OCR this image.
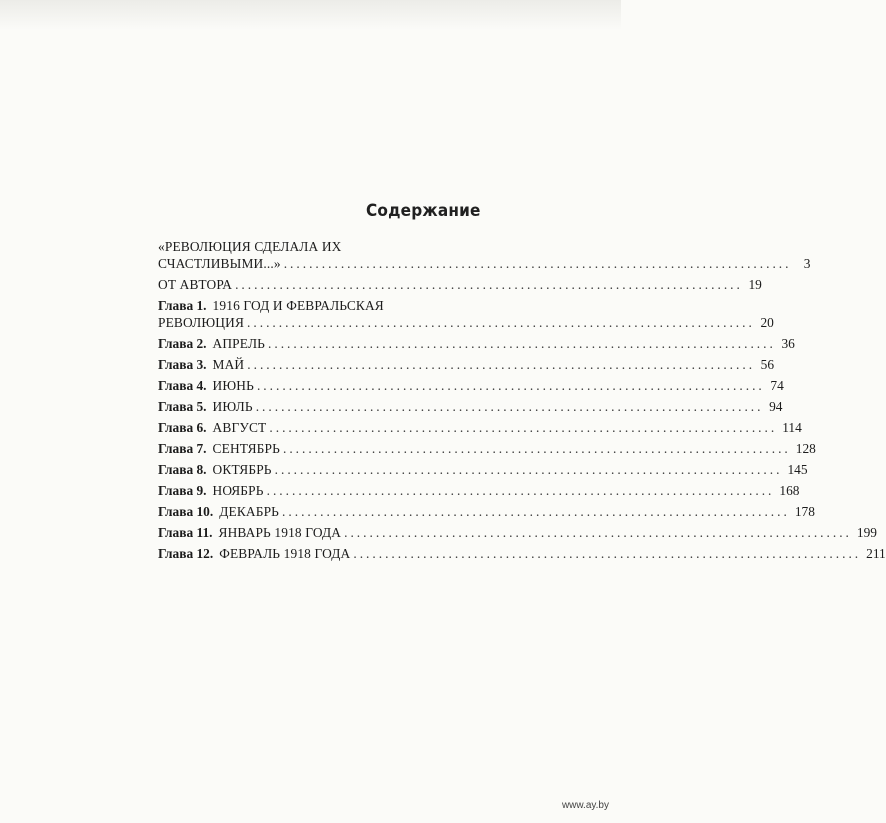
Содержание
«РЕВОЛЮЦИЯ СДЕЛАЛА ИХ
СЧАСТЛИВЫМИ...» ................................................................................ 3
ОТ АВТОРА ................................................................................ 19
Глава 1. 1916 ГОД И ФЕВРАЛЬСКАЯ
РЕВОЛЮЦИЯ ................................................................................ 20
Глава 2. АПРЕЛЬ ................................................................................ 36
Глава 3. МАЙ ................................................................................ 56
Глава 4. ИЮНЬ ................................................................................ 74
Глава 5. ИЮЛЬ ................................................................................ 94
Глава 6. АВГУСТ ................................................................................ 114
Глава 7. СЕНТЯБРЬ ................................................................................ 128
Глава 8. ОКТЯБРЬ ................................................................................ 145
Глава 9. НОЯБРЬ ................................................................................ 168
Глава 10. ДЕКАБРЬ ................................................................................ 178
Глава 11. ЯНВАРЬ 1918 ГОДА ................................................................................ 199
Глава 12. ФЕВРАЛЬ 1918 ГОДА ................................................................................ 211
www.ay.by
